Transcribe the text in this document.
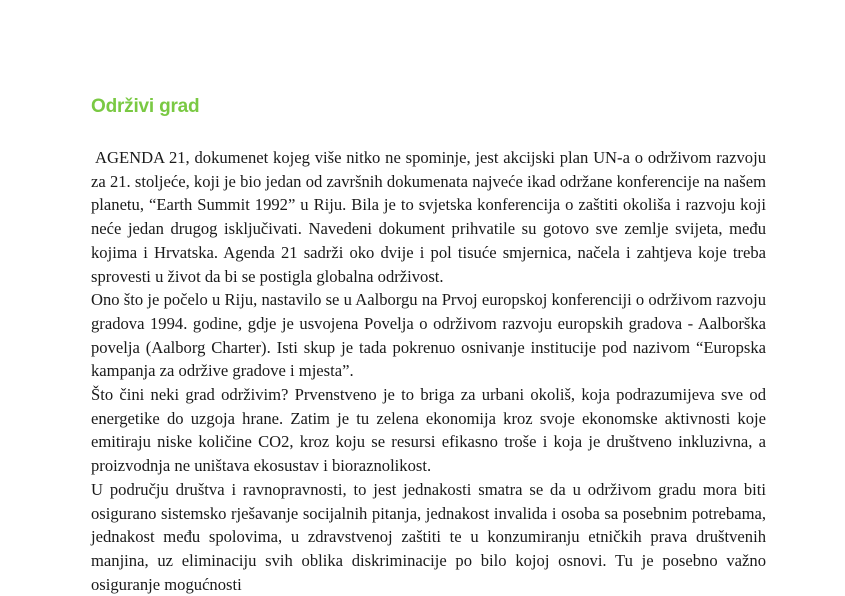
Održivi grad

AGENDA 21, dokumenet kojeg više nitko ne spominje, jest akcijski plan UN-a o održivom razvoju za 21. stoljeće, koji je bio jedan od završnih dokumenata najveće ikad održane konferencije na našem planetu, “Earth Summit 1992” u Riju. Bila je to svjetska konferencija o zaštiti okoliša i razvoju koji neće jedan drugog isključivati. Navedeni dokument prihvatile su gotovo sve zemlje svijeta, među kojima i Hrvatska. Agenda 21 sadrži oko dvije i pol tisuće smjernica, načela i zahtjeva koje treba sprovesti u život da bi se postigla globalna održivost.

Ono što je počelo u Riju, nastavilo se u Aalborgu na Prvoj europskoj konferenciji o održivom razvoju gradova 1994. godine, gdje je usvojena Povelja o održivom razvoju europskih gradova - Aalborška povelja (Aalborg Charter). Isti skup je tada pokrenuo osnivanje institucije pod nazivom “Europska kampanja za održive gradove i mjesta”.

Što čini neki grad održivim? Prvenstveno je to briga za urbani okoliš, koja podrazumijeva sve od energetike do uzgoja hrane. Zatim je tu zelena ekonomija kroz svoje ekonomske aktivnosti koje emitiraju niske količine CO2, kroz koju se resursi efikasno troše i koja je društveno inkluzivna, a proizvodnja ne uništava ekosustav i bioraznolikost.

U području društva i ravnopravnosti, to jest jednakosti smatra se da u održivom gradu mora biti osigurano sistemsko rješavanje socijalnih pitanja, jednakost invalida i osoba sa posebnim potrebama, jednakost među spolovima, u zdravstvenoj zaštiti te u konzumiranju etničkih prava društvenih manjina, uz eliminaciju svih oblika diskriminacije po bilo kojoj osnovi. Tu je posebno važno osiguranje mogućnosti
